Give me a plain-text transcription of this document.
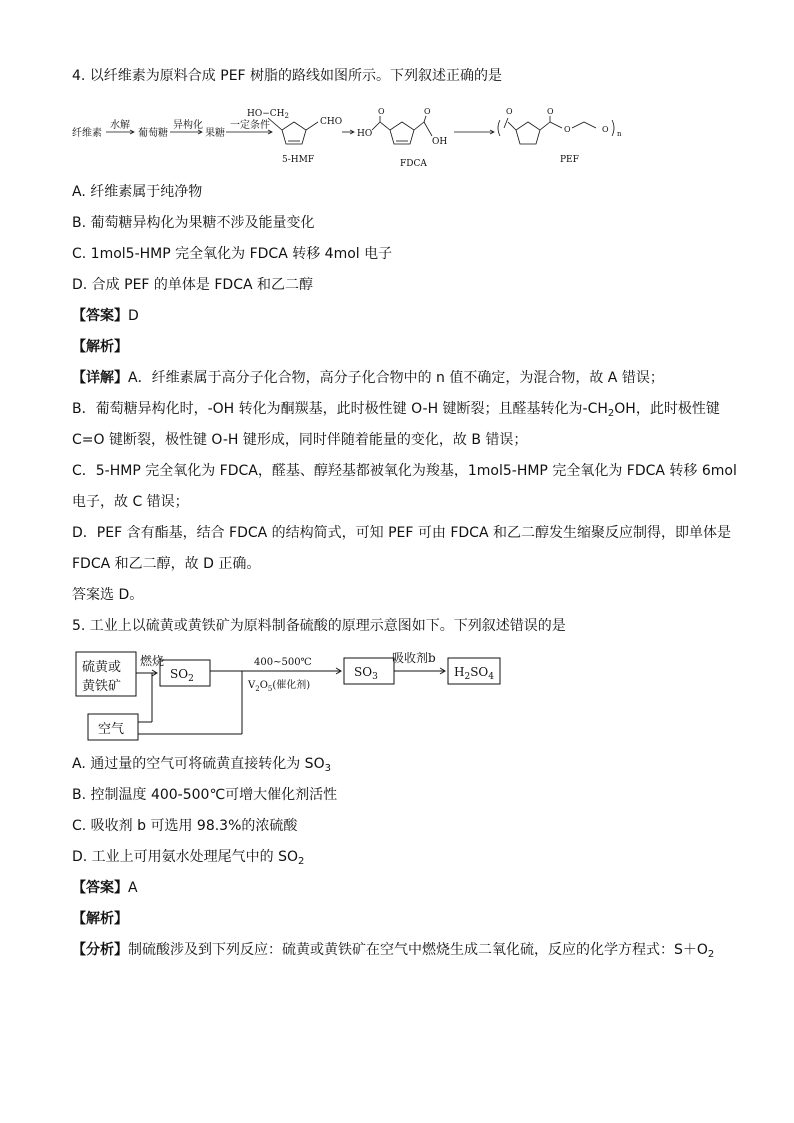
4. 以纤维素为原料合成 PEF 树脂的路线如图所示。下列叙述正确的是
纤维素
水解
葡萄糖
异构化
果糖
一定条件
$HO-CH_2$
CHO
5-HMF
HO
OH
O	O
FDCA
O	O
O	O n
PEF
A. 纤维素属于纯净物
B. 葡萄糖异构化为果糖不涉及能量变化
C. 1mol5-HMP 完全氧化为 FDCA 转移 4mol 电子
D. 合成 PEF 的单体是 FDCA 和乙二醇
【答案】D
【解析】
【详解】A．纤维素属于高分子化合物，高分子化合物中的 n 值不确定，为混合物，故 A 错误；
B．葡萄糖异构化时，-OH 转化为酮羰基，此时极性键 O-H 键断裂；且醛基转化为$-CH_2OH$，此时极性键
C=O 键断裂，极性键 O-H 键形成，同时伴随着能量的变化，故 B 错误；
C．5-HMP 完全氧化为 FDCA，醛基、醇羟基都被氧化为羧基，1mol5-HMP 完全氧化为 FDCA 转移 6mol
电子，故 C 错误；
D．PEF 含有酯基，结合 FDCA 的结构简式，可知 PEF 可由 FDCA 和乙二醇发生缩聚反应制得，即单体是
FDCA 和乙二醇，故 D 正确。
答案选 D。
5. 工业上以硫黄或黄铁矿为原料制备硫酸的原理示意图如下。下列叙述错误的是
硫黄或
黄铁矿
燃烧
$SO_2$
400~500℃
$V_2O_5$(催化剂)
$SO_3$
吸收剂b
$H_2SO_4$
空气
A. 通过量的空气可将硫黄直接转化为 $SO_3$
B. 控制温度 400-500℃可增大催化剂活性
C. 吸收剂 b 可选用 98.3%的浓硫酸
D. 工业上可用氨水处理尾气中的 $SO_2$
【答案】A
【解析】
【分析】制硫酸涉及到下列反应：硫黄或黄铁矿在空气中燃烧生成二氧化硫，反应的化学方程式：$S+O_2$
